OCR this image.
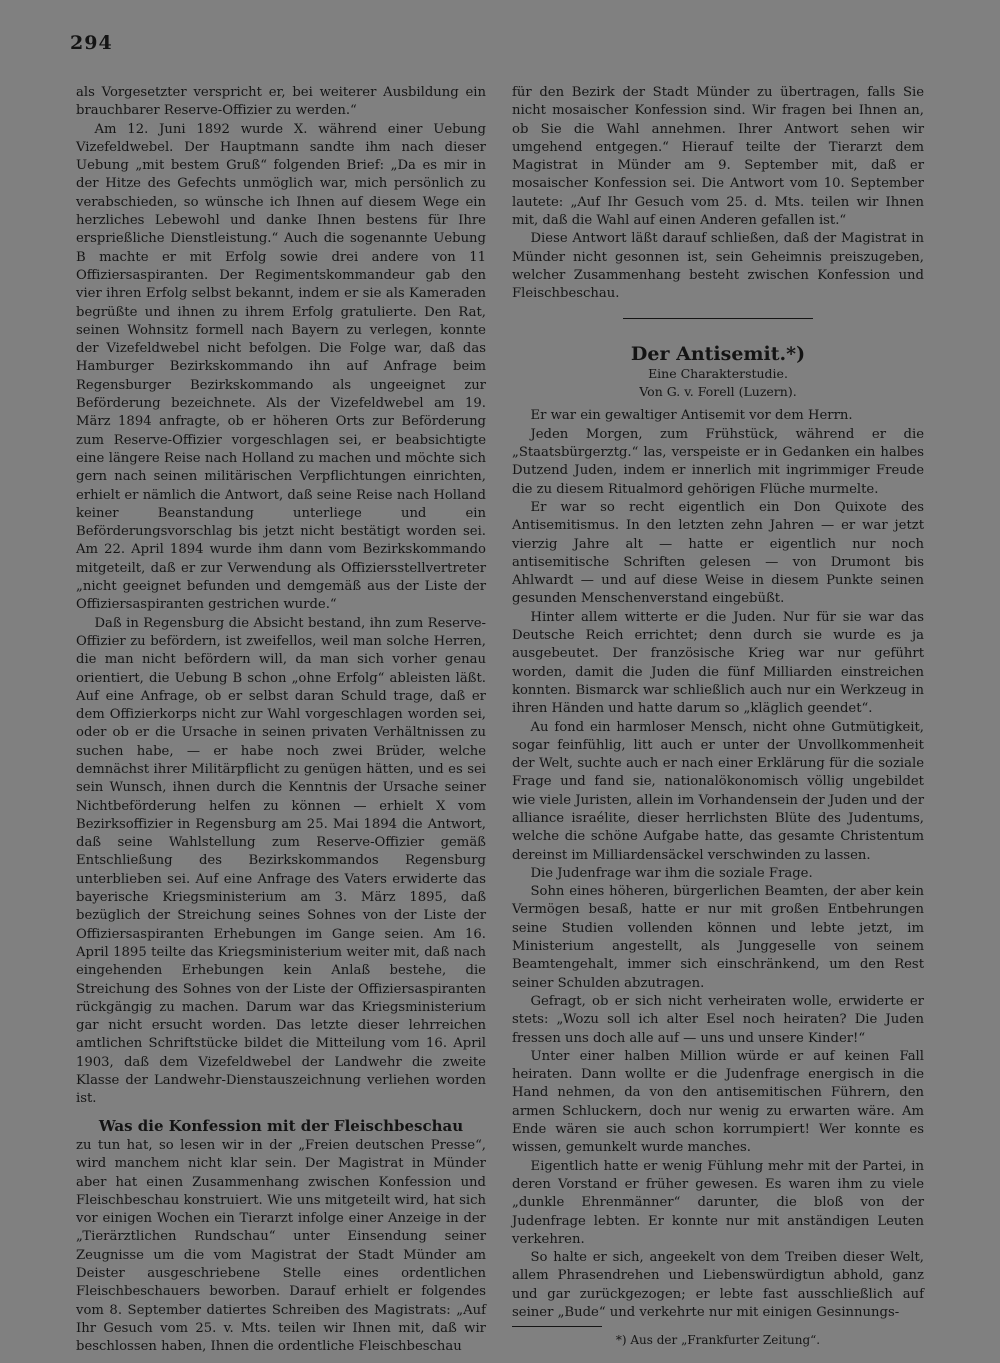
294

als Vorgesetzter verspricht er, bei weiterer Ausbildung ein brauchbarer Reserve-Offizier zu werden.“

Am 12. Juni 1892 wurde X. während einer Uebung Vizefeldwebel. Der Hauptmann sandte ihm nach dieser Uebung „mit bestem Gruß“ folgenden Brief: „Da es mir in der Hitze des Gefechts unmöglich war, mich persönlich zu verabschieden, so wünsche ich Ihnen auf diesem Wege ein herzliches Lebewohl und danke Ihnen bestens für Ihre ersprießliche Dienstleistung.“ Auch die sogenannte Uebung B machte er mit Erfolg sowie drei andere von 11 Offiziersaspiranten. Der Regimentskommandeur gab den vier ihren Erfolg selbst bekannt, indem er sie als Kameraden begrüßte und ihnen zu ihrem Erfolg gratulierte. Den Rat, seinen Wohnsitz formell nach Bayern zu verlegen, konnte der Vizefeldwebel nicht befolgen. Die Folge war, daß das Hamburger Bezirkskommando ihn auf Anfrage beim Regensburger Bezirkskommando als ungeeignet zur Beförderung bezeichnete. Als der Vizefeldwebel am 19. März 1894 anfragte, ob er höheren Orts zur Beförderung zum Reserve-Offizier vorgeschlagen sei, er beabsichtigte eine längere Reise nach Holland zu machen und möchte sich gern nach seinen militärischen Verpflichtungen einrichten, erhielt er nämlich die Antwort, daß seine Reise nach Holland keiner Beanstandung unterliege und ein Beförderungsvorschlag bis jetzt nicht bestätigt worden sei. Am 22. April 1894 wurde ihm dann vom Bezirkskommando mitgeteilt, daß er zur Verwendung als Offiziersstellvertreter „nicht geeignet befunden und demgemäß aus der Liste der Offiziersaspiranten gestrichen wurde.“

Daß in Regensburg die Absicht bestand, ihn zum Reserve-Offizier zu befördern, ist zweifellos, weil man solche Herren, die man nicht befördern will, da man sich vorher genau orientiert, die Uebung B schon „ohne Erfolg“ ableisten läßt. Auf eine Anfrage, ob er selbst daran Schuld trage, daß er dem Offizierkorps nicht zur Wahl vorgeschlagen worden sei, oder ob er die Ursache in seinen privaten Verhältnissen zu suchen habe, — er habe noch zwei Brüder, welche demnächst ihrer Militärpflicht zu genügen hätten, und es sei sein Wunsch, ihnen durch die Kenntnis der Ursache seiner Nichtbeförderung helfen zu können — erhielt X vom Bezirksoffizier in Regensburg am 25. Mai 1894 die Antwort, daß seine Wahlstellung zum Reserve-Offizier gemäß Entschließung des Bezirkskommandos Regensburg unterblieben sei. Auf eine Anfrage des Vaters erwiderte das bayerische Kriegsministerium am 3. März 1895, daß bezüglich der Streichung seines Sohnes von der Liste der Offiziersaspiranten Erhebungen im Gange seien. Am 16. April 1895 teilte das Kriegsministerium weiter mit, daß nach eingehenden Erhebungen kein Anlaß bestehe, die Streichung des Sohnes von der Liste der Offiziersaspiranten rückgängig zu machen. Darum war das Kriegsministerium gar nicht ersucht worden. Das letzte dieser lehrreichen amtlichen Schriftstücke bildet die Mitteilung vom 16. April 1903, daß dem Vizefeldwebel der Landwehr die zweite Klasse der Landwehr-Dienstauszeichnung verliehen worden ist.

Was die Konfession mit der Fleischbeschau

zu tun hat, so lesen wir in der „Freien deutschen Presse“, wird manchem nicht klar sein. Der Magistrat in Münder aber hat einen Zusammenhang zwischen Konfession und Fleischbeschau konstruiert. Wie uns mitgeteilt wird, hat sich vor einigen Wochen ein Tierarzt infolge einer Anzeige in der „Tierärztlichen Rundschau“ unter Einsendung seiner Zeugnisse um die vom Magistrat der Stadt Münder am Deister ausgeschriebene Stelle eines ordentlichen Fleischbeschauers beworben. Darauf erhielt er folgendes vom 8. September datiertes Schreiben des Magistrats: „Auf Ihr Gesuch vom 25. v. Mts. teilen wir Ihnen mit, daß wir beschlossen haben, Ihnen die ordentliche Fleischbeschau

für den Bezirk der Stadt Münder zu übertragen, falls Sie nicht mosaischer Konfession sind. Wir fragen bei Ihnen an, ob Sie die Wahl annehmen. Ihrer Antwort sehen wir umgehend entgegen.“ Hierauf teilte der Tierarzt dem Magistrat in Münder am 9. September mit, daß er mosaischer Konfession sei. Die Antwort vom 10. September lautete: „Auf Ihr Gesuch vom 25. d. Mts. teilen wir Ihnen mit, daß die Wahl auf einen Anderen gefallen ist.“

Diese Antwort läßt darauf schließen, daß der Magistrat in Münder nicht gesonnen ist, sein Geheimnis preiszugeben, welcher Zusammenhang besteht zwischen Konfession und Fleischbeschau.

Der Antisemit.*)
Eine Charakterstudie.
Von G. v. Forell (Luzern).

Er war ein gewaltiger Antisemit vor dem Herrn.

Jeden Morgen, zum Frühstück, während er die „Staatsbürgerztg.“ las, verspeiste er in Gedanken ein halbes Dutzend Juden, indem er innerlich mit ingrimmiger Freude die zu diesem Ritualmord gehörigen Flüche murmelte.

Er war so recht eigentlich ein Don Quixote des Antisemitismus. In den letzten zehn Jahren — er war jetzt vierzig Jahre alt — hatte er eigentlich nur noch antisemitische Schriften gelesen — von Drumont bis Ahlwardt — und auf diese Weise in diesem Punkte seinen gesunden Menschenverstand eingebüßt.

Hinter allem witterte er die Juden. Nur für sie war das Deutsche Reich errichtet; denn durch sie wurde es ja ausgebeutet. Der französische Krieg war nur geführt worden, damit die Juden die fünf Milliarden einstreichen konnten. Bismarck war schließlich auch nur ein Werkzeug in ihren Händen und hatte darum so „kläglich geendet“.

Au fond ein harmloser Mensch, nicht ohne Gutmütigkeit, sogar feinfühlig, litt auch er unter der Unvollkommenheit der Welt, suchte auch er nach einer Erklärung für die soziale Frage und fand sie, nationalökonomisch völlig ungebildet wie viele Juristen, allein im Vorhandensein der Juden und der alliance israélite, dieser herrlichsten Blüte des Judentums, welche die schöne Aufgabe hatte, das gesamte Christentum dereinst im Milliardensäckel verschwinden zu lassen.

Die Judenfrage war ihm die soziale Frage.

Sohn eines höheren, bürgerlichen Beamten, der aber kein Vermögen besaß, hatte er nur mit großen Entbehrungen seine Studien vollenden können und lebte jetzt, im Ministerium angestellt, als Junggeselle von seinem Beamtengehalt, immer sich einschränkend, um den Rest seiner Schulden abzutragen.

Gefragt, ob er sich nicht verheiraten wolle, erwiderte er stets: „Wozu soll ich alter Esel noch heiraten? Die Juden fressen uns doch alle auf — uns und unsere Kinder!“

Unter einer halben Million würde er auf keinen Fall heiraten. Dann wollte er die Judenfrage energisch in die Hand nehmen, da von den antisemitischen Führern, den armen Schluckern, doch nur wenig zu erwarten wäre. Am Ende wären sie auch schon korrumpiert! Wer konnte es wissen, gemunkelt wurde manches.

Eigentlich hatte er wenig Fühlung mehr mit der Partei, in deren Vorstand er früher gewesen. Es waren ihm zu viele „dunkle Ehrenmänner“ darunter, die bloß von der Judenfrage lebten. Er konnte nur mit anständigen Leuten verkehren.

So halte er sich, angeekelt von dem Treiben dieser Welt, allem Phrasendrehen und Liebenswürdigtun abhold, ganz und gar zurückgezogen; er lebte fast ausschließlich auf seiner „Bude“ und verkehrte nur mit einigen Gesinnungs-

*) Aus der „Frankfurter Zeitung“.
